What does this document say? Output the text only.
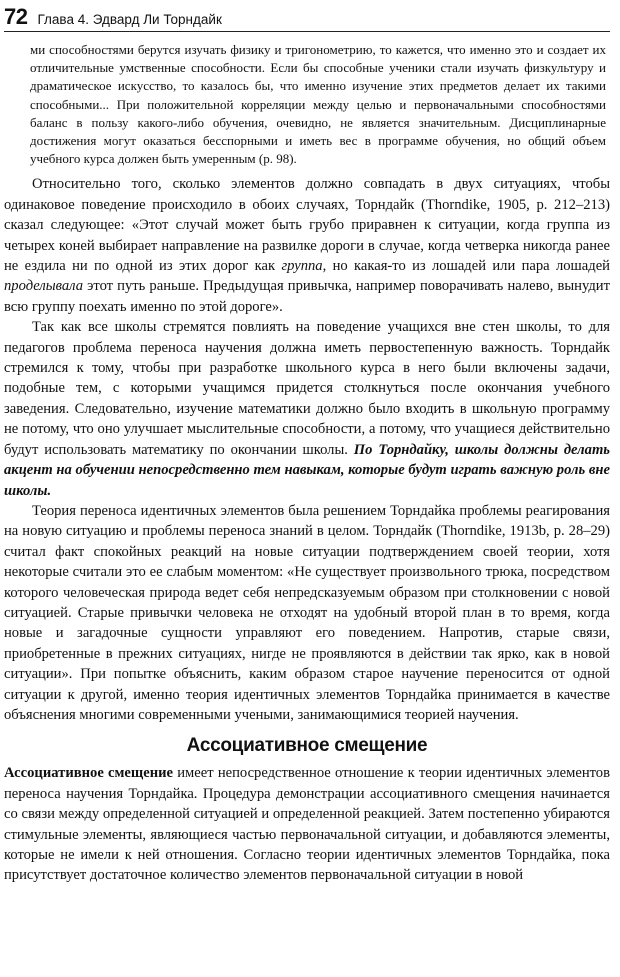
72 Глава 4. Эдвард Ли Торндайк

ми способностями берутся изучать физику и тригонометрию, то кажется, что именно это и создает их отличительные умственные способности. Если бы способные ученики стали изучать физкультуру и драматическое искусство, то казалось бы, что именно изучение этих предметов делает их такими способными... При положительной корреляции между целью и первоначальными способностями баланс в пользу какого-либо обучения, очевидно, не является значительным. Дисциплинарные достижения могут оказаться бесспорными и иметь вес в программе обучения, но общий объем учебного курса должен быть умеренным (p. 98).

Относительно того, сколько элементов должно совпадать в двух ситуациях, чтобы одинаковое поведение происходило в обоих случаях, Торндайк (Thorndike, 1905, p. 212–213) сказал следующее: «Этот случай может быть грубо приравнен к ситуации, когда группа из четырех коней выбирает направление на развилке дороги в случае, когда четверка никогда ранее не ездила ни по одной из этих дорог как группа, но какая-то из лошадей или пара лошадей проделывала этот путь раньше. Предыдущая привычка, например поворачивать налево, вынудит всю группу поехать именно по этой дороге».

Так как все школы стремятся повлиять на поведение учащихся вне стен школы, то для педагогов проблема переноса научения должна иметь первостепенную важность. Торндайк стремился к тому, чтобы при разработке школьного курса в него были включены задачи, подобные тем, с которыми учащимся придется столкнуться после окончания учебного заведения. Следовательно, изучение математики должно было входить в школьную программу не потому, что оно улучшает мыслительные способности, а потому, что учащиеся действительно будут использовать математику по окончании школы. По Торндайку, школы должны делать акцент на обучении непосредственно тем навыкам, которые будут играть важную роль вне школы.

Теория переноса идентичных элементов была решением Торндайка проблемы реагирования на новую ситуацию и проблемы переноса знаний в целом. Торндайк (Thorndike, 1913b, p. 28–29) считал факт спокойных реакций на новые ситуации подтверждением своей теории, хотя некоторые считали это ее слабым моментом: «Не существует произвольного трюка, посредством которого человеческая природа ведет себя непредсказуемым образом при столкновении с новой ситуацией. Старые привычки человека не отходят на удобный второй план в то время, когда новые и загадочные сущности управляют его поведением. Напротив, старые связи, приобретенные в прежних ситуациях, нигде не проявляются в действии так ярко, как в новой ситуации». При попытке объяснить, каким образом старое научение переносится от одной ситуации к другой, именно теория идентичных элементов Торндайка принимается в качестве объяснения многими современными учеными, занимающимися теорией научения.

Ассоциативное смещение

Ассоциативное смещение имеет непосредственное отношение к теории идентичных элементов переноса научения Торндайка. Процедура демонстрации ассоциативного смещения начинается со связи между определенной ситуацией и определенной реакцией. Затем постепенно убираются стимульные элементы, являющиеся частью первоначальной ситуации, и добавляются элементы, которые не имели к ней отношения. Согласно теории идентичных элементов Торндайка, пока присутствует достаточное количество элементов первоначальной ситуации в новой
